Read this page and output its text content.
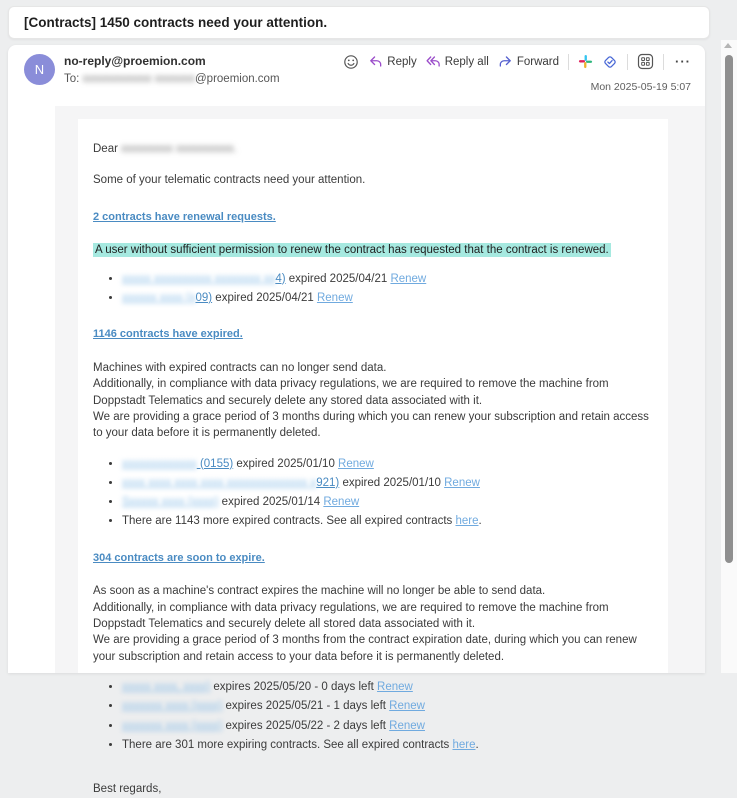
[Contracts] 1450 contracts need your attention.
N
no-reply@proemion.com
To: xxxxxxxxxxxx xxxxxxx@proemion.com
Reply Reply all Forward	···
Mon 2025-05-19 5:07
Dear xxxxxxxxx xxxxxxxxxx.
Some of your telematic contracts need your attention.
2 contracts have renewal requests.
A user without sufficient permission to renew the contract has requested that the contract is renewed.
• xxxxx xxxxxxxxxx xxxxxxxx xx4) expired 2025/04/21 Renew
• xxxxxx xxxx (x09) expired 2025/04/21 Renew
1146 contracts have expired.
Machines with expired contracts can no longer send data.
Additionally, in compliance with data privacy regulations, we are required to remove the machine from Doppstadt Telematics and securely delete any stored data associated with it.
We are providing a grace period of 3 months during which you can renew your subscription and retain access to your data before it is permanently deleted.
• xxxxxxxxxxxxx (0155) expired 2025/01/10 Renew
• xxxx xxxx xxxx xxxx xxxxxxxxxxxxxx x921) expired 2025/01/10 Renew
• Sxxxxx xxxx (xxxx) expired 2025/01/14 Renew
• There are 1143 more expired contracts. See all expired contracts here.
304 contracts are soon to expire.
As soon as a machine's contract expires the machine will no longer be able to send data.
Additionally, in compliance with data privacy regulations, we are required to remove the machine from Doppstadt Telematics and securely delete all stored data associated with it.
We are providing a grace period of 3 months from the contract expiration date, during which you can renew your subscription and retain access to your data before it is permanently deleted.
• xxxxx xxxx, xxxx) expires 2025/05/20 - 0 days left Renew
• xxxxxxx xxxx (xxxx) expires 2025/05/21 - 1 days left Renew
• xxxxxxx xxxx (xxxx) expires 2025/05/22 - 2 days left Renew
• There are 301 more expiring contracts. See all expired contracts here.
Best regards,
